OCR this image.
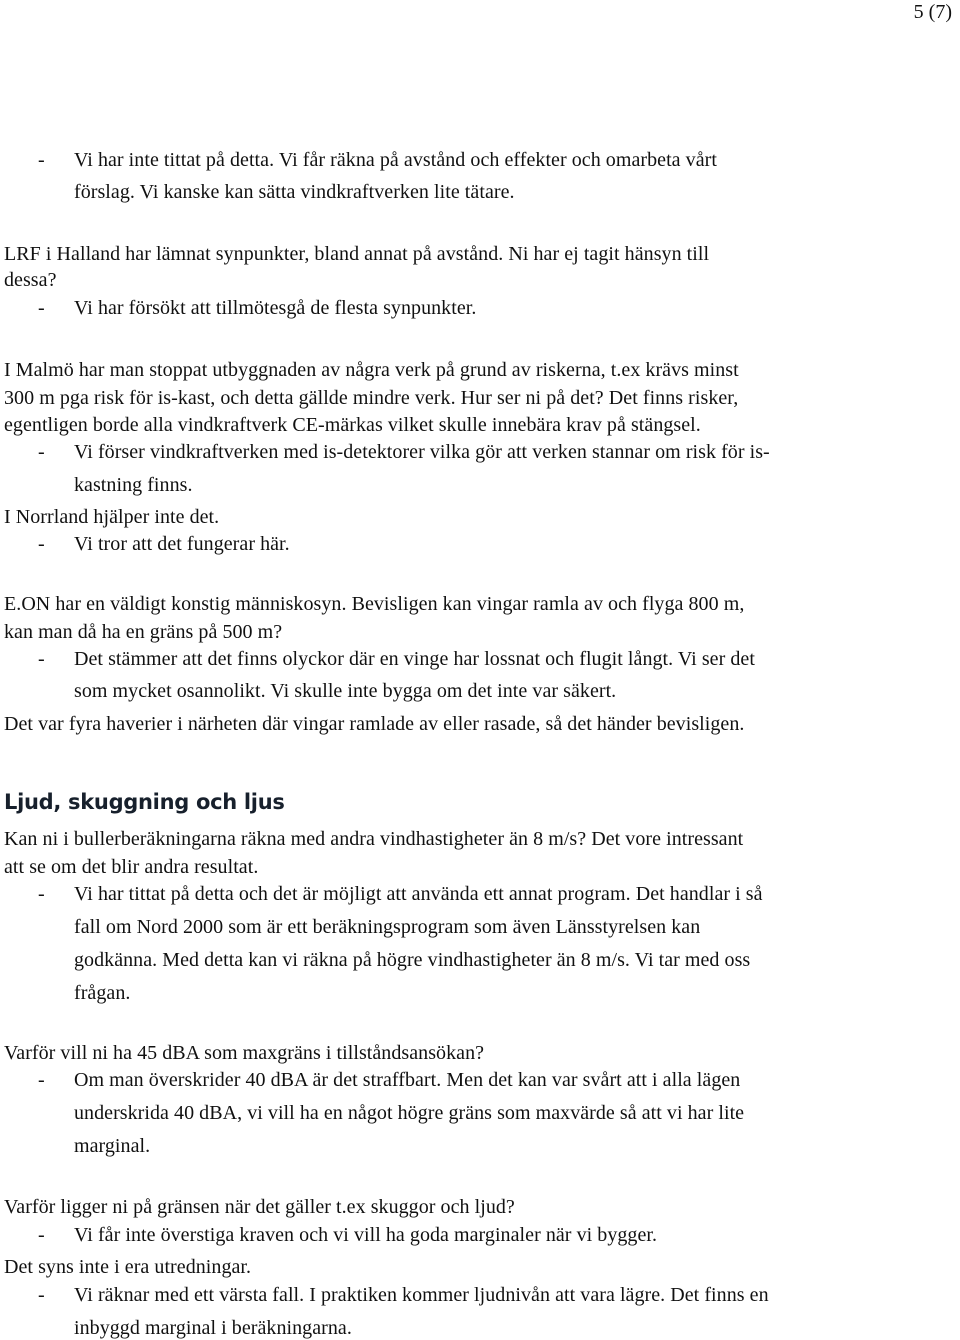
5 (7)
- Vi har inte tittat på detta. Vi får räkna på avstånd och effekter och omarbeta vårt
förslag. Vi kanske kan sätta vindkraftverken lite tätare.
LRF i Halland har lämnat synpunkter, bland annat på avstånd. Ni har ej tagit hänsyn till
dessa?
- Vi har försökt att tillmötesgå de flesta synpunkter.
I Malmö har man stoppat utbyggnaden av några verk på grund av riskerna, t.ex krävs minst
300 m pga risk för is-kast, och detta gällde mindre verk. Hur ser ni på det? Det finns risker,
egentligen borde alla vindkraftverk CE-märkas vilket skulle innebära krav på stängsel.
- Vi förser vindkraftverken med is-detektorer vilka gör att verken stannar om risk för is-
kastning finns.
I Norrland hjälper inte det.
- Vi tror att det fungerar här.
E.ON har en väldigt konstig människosyn. Bevisligen kan vingar ramla av och flyga 800 m,
kan man då ha en gräns på 500 m?
- Det stämmer att det finns olyckor där en vinge har lossnat och flugit långt. Vi ser det
som mycket osannolikt. Vi skulle inte bygga om det inte var säkert.
Det var fyra haverier i närheten där vingar ramlade av eller rasade, så det händer bevisligen.
Ljud, skuggning och ljus
Kan ni i bullerberäkningarna räkna med andra vindhastigheter än 8 m/s? Det vore intressant
att se om det blir andra resultat.
- Vi har tittat på detta och det är möjligt att använda ett annat program. Det handlar i så
fall om Nord 2000 som är ett beräkningsprogram som även Länsstyrelsen kan
godkänna. Med detta kan vi räkna på högre vindhastigheter än 8 m/s. Vi tar med oss
frågan.
Varför vill ni ha 45 dBA som maxgräns i tillståndsansökan?
- Om man överskrider 40 dBA är det straffbart. Men det kan var svårt att i alla lägen
underskrida 40 dBA, vi vill ha en något högre gräns som maxvärde så att vi har lite
marginal.
Varför ligger ni på gränsen när det gäller t.ex skuggor och ljud?
- Vi får inte överstiga kraven och vi vill ha goda marginaler när vi bygger.
Det syns inte i era utredningar.
- Vi räknar med ett värsta fall. I praktiken kommer ljudnivån att vara lägre. Det finns en
inbyggd marginal i beräkningarna.
